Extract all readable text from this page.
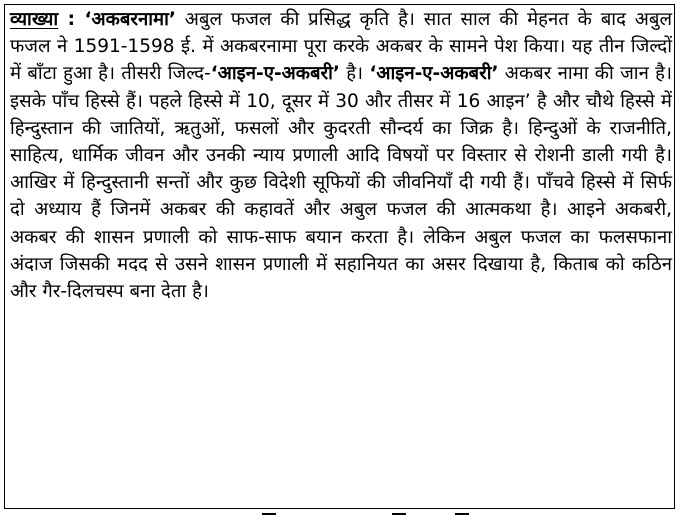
व्याख्या : ‘अकबरनामा’ अबुल फजल की प्रसिद्ध कृति है। सात साल की मेहनत के बाद अबुल फजल ने 1591-1598 ई. में अकबरनामा पूरा करके अकबर के सामने पेश किया। यह तीन जिल्दों में बाँटा हुआ है। तीसरी जिल्द-‘आइन-ए-अकबरी’ है। ‘आइन-ए-अकबरी’ अकबर नामा की जान है। इसके पाँच हिस्से हैं। पहले हिस्से में 10, दूसर में 30 और तीसर में 16 आइन’ है और चौथे हिस्से में हिन्दुस्तान की जातियों, ऋतुओं, फसलों और कुदरती सौन्दर्य का जिक्र है। हिन्दुओं के राजनीति, साहित्य, धार्मिक जीवन और उनकी न्याय प्रणाली आदि विषयों पर विस्तार से रोशनी डाली गयी है। आखिर में हिन्दुस्तानी सन्तों और कुछ विदेशी सूफियों की जीवनियाँ दी गयी हैं। पाँचवे हिस्से में सिर्फ दो अध्याय हैं जिनमें अकबर की कहावतें और अबुल फजल की आत्मकथा है। आइने अकबरी, अकबर की शासन प्रणाली को साफ-साफ बयान करता है। लेकिन अबुल फजल का फलसफाना अंदाज जिसकी मदद से उसने शासन प्रणाली में सहानियत का असर दिखाया है, किताब को कठिन और गैर-दिलचस्प बना देता है।
